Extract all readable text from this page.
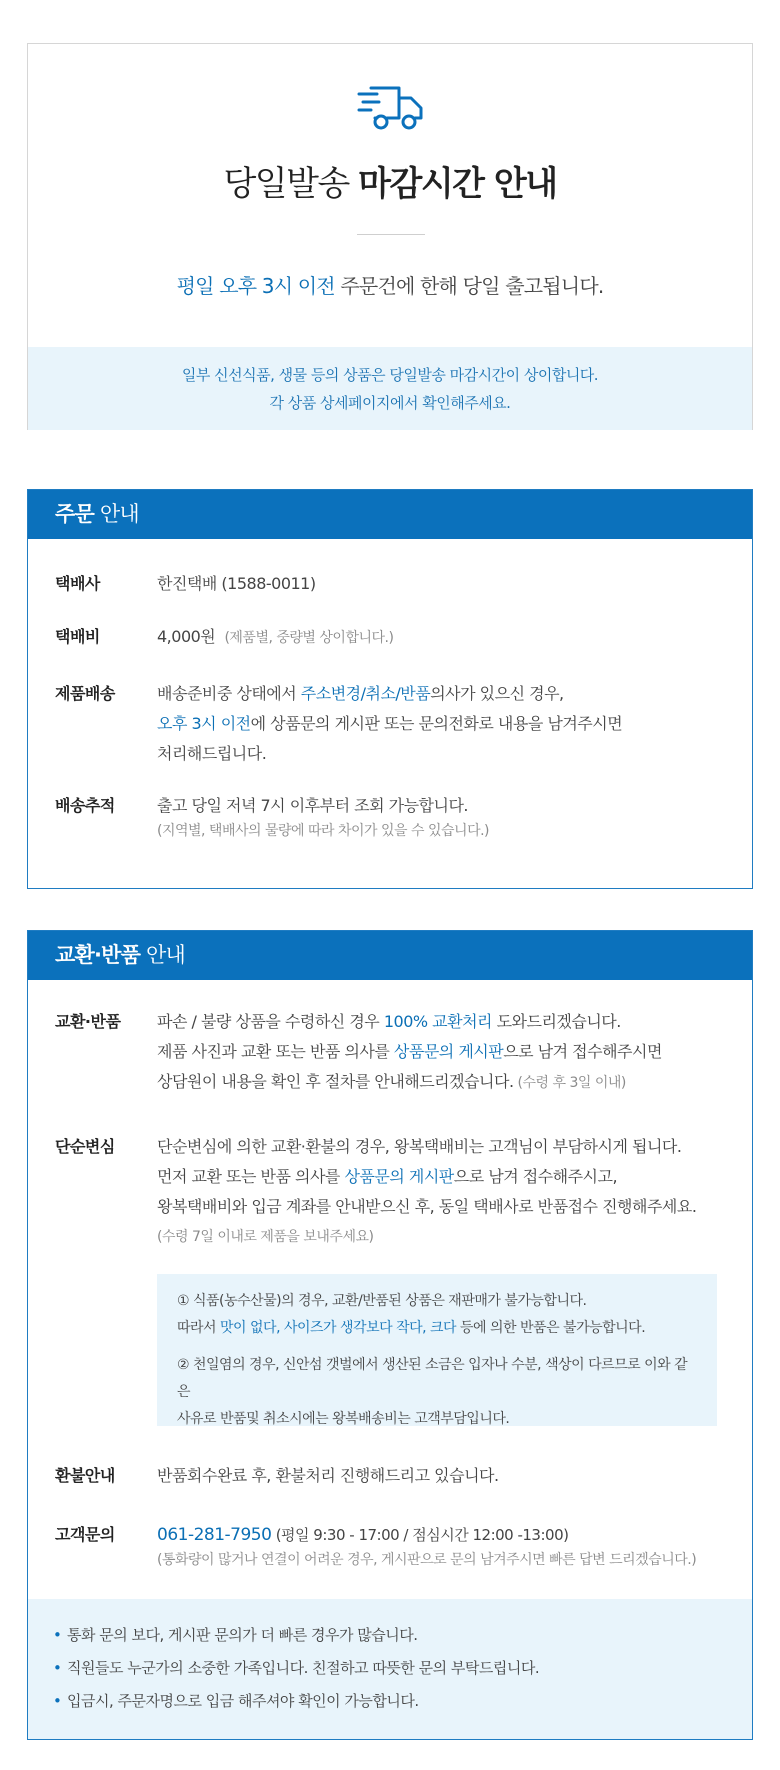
당일발송 마감시간 안내
평일 오후 3시 이전 주문건에 한해 당일 출고됩니다.
일부 신선식품, 생물 등의 상품은 당일발송 마감시간이 상이합니다.
각 상품 상세페이지에서 확인해주세요.
주문 안내
택배사	한진택배 (1588-0011)
택배비	4,000원 (제품별, 중량별 상이합니다.)
제품배송	배송준비중 상태에서 주소변경/취소/반품의사가 있으신 경우,
오후 3시 이전에 상품문의 게시판 또는 문의전화로 내용을 남겨주시면
처리해드립니다.
배송추적	출고 당일 저녁 7시 이후부터 조회 가능합니다.
(지역별, 택배사의 물량에 따라 차이가 있을 수 있습니다.)
교환·반품 안내
교환·반품 파손 / 불량 상품을 수령하신 경우 100% 교환처리 도와드리겠습니다.
제품 사진과 교환 또는 반품 의사를 상품문의 게시판으로 남겨 접수해주시면
상담원이 내용을 확인 후 절차를 안내해드리겠습니다. (수령 후 3일 이내)
단순변심	단순변심에 의한 교환·환불의 경우, 왕복택배비는 고객님이 부담하시게 됩니다.
먼저 교환 또는 반품 의사를 상품문의 게시판으로 남겨 접수해주시고,
왕복택배비와 입금 계좌를 안내받으신 후, 동일 택배사로 반품접수 진행해주세요.
(수령 7일 이내로 제품을 보내주세요)

① 식품(농수산물)의 경우, 교환/반품된 상품은 재판매가 불가능합니다.
따라서 맛이 없다, 사이즈가 생각보다 작다, 크다 등에 의한 반품은 불가능합니다.

② 천일염의 경우, 신안섬 갯벌에서 생산된 소금은 입자나 수분, 색상이 다르므로 이와 같은
사유로 반품및 취소시에는 왕복배송비는 고객부담입니다.

환불안내	반품회수완료 후, 환불처리 진행해드리고 있습니다.
고객문의 061-281-7950 (평일 9:30 - 17:00 / 점심시간 12:00 -13:00)
(통화량이 많거나 연결이 어려운 경우, 게시판으로 문의 남겨주시면 빠른 답변 드리겠습니다.)
• 통화 문의 보다, 게시판 문의가 더 빠른 경우가 많습니다.
• 직원들도 누군가의 소중한 가족입니다. 친절하고 따뜻한 문의 부탁드립니다.
• 입금시, 주문자명으로 입금 해주셔야 확인이 가능합니다.
